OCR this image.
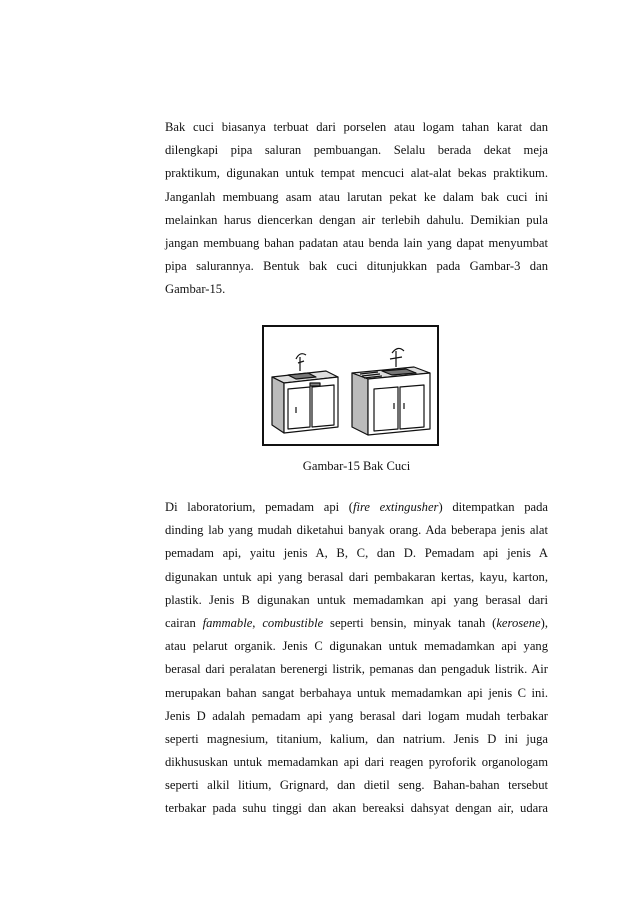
Bak cuci biasanya terbuat dari porselen atau logam tahan karat dan
dilengkapi pipa saluran pembuangan. Selalu berada dekat meja
praktikum, digunakan untuk tempat mencuci alat-alat bekas praktikum.
Janganlah membuang asam atau larutan pekat ke dalam bak cuci ini
melainkan harus diencerkan dengan air terlebih dahulu. Demikian pula
jangan membuang bahan padatan atau benda lain yang dapat menyumbat
pipa salurannya. Bentuk bak cuci ditunjukkan pada Gambar-3 dan
Gambar-15.
Gambar-15 Bak Cuci
Di laboratorium, pemadam api (fire extingusher) ditempatkan pada
dinding lab yang mudah diketahui banyak orang. Ada beberapa jenis alat
pemadam api, yaitu jenis A, B, C, dan D. Pemadam api jenis A
digunakan untuk api yang berasal dari pembakaran kertas, kayu, karton,
plastik. Jenis B digunakan untuk memadamkan api yang berasal dari
cairan fammable, combustible seperti bensin, minyak tanah (kerosene),
atau pelarut organik. Jenis C digunakan untuk memadamkan api yang
berasal dari peralatan berenergi listrik, pemanas dan pengaduk listrik. Air
merupakan bahan sangat berbahaya untuk memadamkan api jenis C ini.
Jenis D adalah pemadam api yang berasal dari logam mudah terbakar
seperti magnesium, titanium, kalium, dan natrium. Jenis D ini juga
dikhususkan untuk memadamkan api dari reagen pyroforik organologam
seperti alkil litium, Grignard, dan dietil seng. Bahan-bahan tersebut
terbakar pada suhu tinggi dan akan bereaksi dahsyat dengan air, udara
